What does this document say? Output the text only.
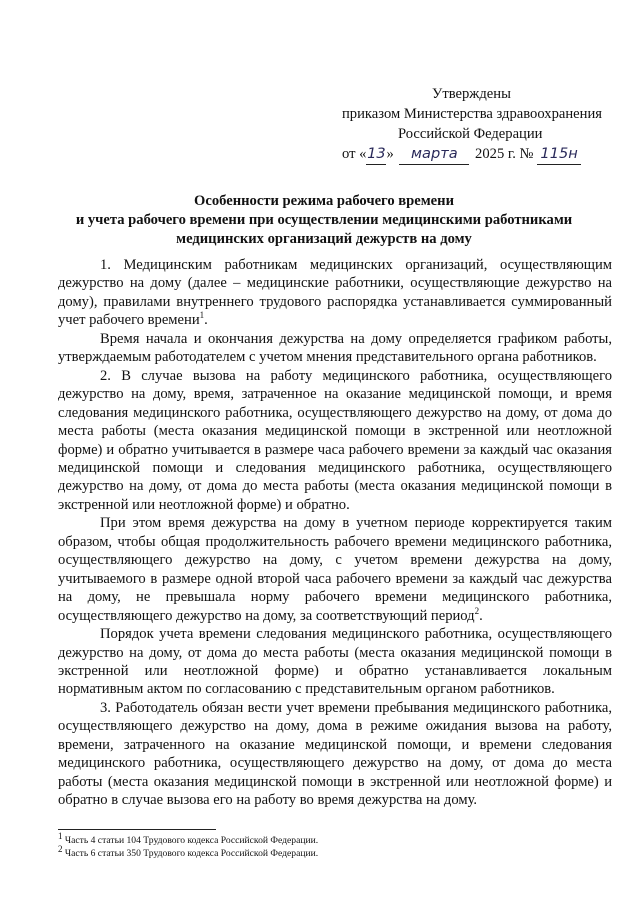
Утверждены
приказом Министерства здравоохранения
Российской Федерации
от «13» марта 2025 г. № 115н
Особенности режима рабочего времени
и учета рабочего времени при осуществлении медицинскими работниками
медицинских организаций дежурств на дому

1. Медицинским работникам медицинских организаций, осуществляющим дежурство на дому (далее – медицинские работники, осуществляющие дежурство на дому), правилами внутреннего трудового распорядка устанавливается суммированный учет рабочего времени$^1$.

Время начала и окончания дежурства на дому определяется графиком работы, утверждаемым работодателем с учетом мнения представительного органа работников.

2. В случае вызова на работу медицинского работника, осуществляющего дежурство на дому, время, затраченное на оказание медицинской помощи, и время следования медицинского работника, осуществляющего дежурство на дому, от дома до места работы (места оказания медицинской помощи в экстренной или неотложной форме) и обратно учитывается в размере часа рабочего времени за каждый час оказания медицинской помощи и следования медицинского работника, осуществляющего дежурство на дому, от дома до места работы (места оказания медицинской помощи в экстренной или неотложной форме) и обратно.

При этом время дежурства на дому в учетном периоде корректируется таким образом, чтобы общая продолжительность рабочего времени медицинского работника, осуществляющего дежурство на дому, с учетом времени дежурства на дому, учитываемого в размере одной второй часа рабочего времени за каждый час дежурства на дому, не превышала норму рабочего времени медицинского работника, осуществляющего дежурство на дому, за соответствующий период$^2$.

Порядок учета времени следования медицинского работника, осуществляющего дежурство на дому, от дома до места работы (места оказания медицинской помощи в экстренной или неотложной форме) и обратно устанавливается локальным нормативным актом по согласованию с представительным органом работников.

3. Работодатель обязан вести учет времени пребывания медицинского работника, осуществляющего дежурство на дому, дома в режиме ожидания вызова на работу, времени, затраченного на оказание медицинской помощи, и времени следования медицинского работника, осуществляющего дежурство на дому, от дома до места работы (места оказания медицинской помощи в экстренной или неотложной форме) и обратно в случае вызова его на работу во время дежурства на дому.

$^1$ Часть 4 статьи 104 Трудового кодекса Российской Федерации.
$^2$ Часть 6 статьи 350 Трудового кодекса Российской Федерации.
